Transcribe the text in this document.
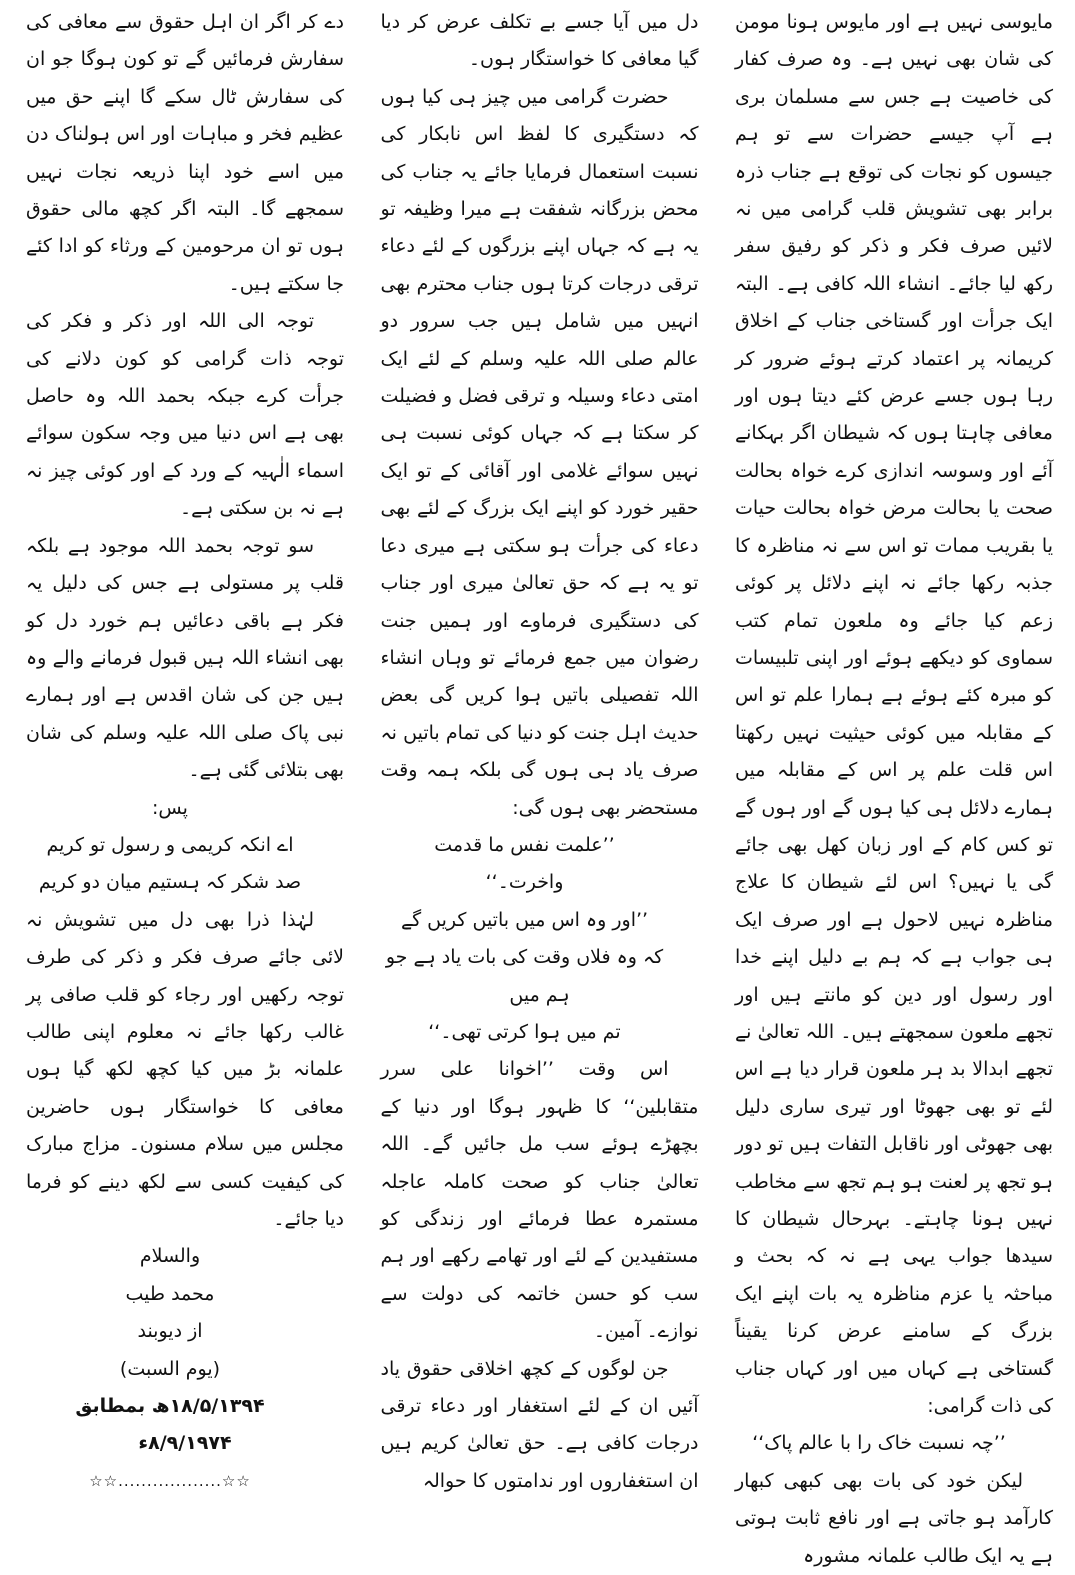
مایوسی نہیں ہے اور مایوس ہونا مومن کی شان بھی نہیں ہے۔ وہ صرف کفار کی خاصیت ہے جس سے مسلمان بری ہے آپ جیسے حضرات سے تو ہم جیسوں کو نجات کی توقع ہے جناب ذرہ برابر بھی تشویش قلب گرامی میں نہ لائیں صرف فکر و ذکر کو رفیق سفر رکھ لیا جائے۔ انشاء اللہ کافی ہے۔ البتہ ایک جرأت اور گستاخی جناب کے اخلاق کریمانہ پر اعتماد کرتے ہوئے ضرور کر رہا ہوں جسے عرض کئے دیتا ہوں اور معافی چاہتا ہوں کہ شیطان اگر بہکانے آئے اور وسوسہ اندازی کرے خواہ بحالت صحت یا بحالت مرض خواہ بحالت حیات یا بقریب ممات تو اس سے نہ مناظرہ کا جذبہ رکھا جائے نہ اپنے دلائل پر کوئی زعم کیا جائے وہ ملعون تمام کتب سماوی کو دیکھے ہوئے اور اپنی تلبیسات کو مبرہ کئے ہوئے ہے ہمارا علم تو اس کے مقابلہ میں کوئی حیثیت نہیں رکھتا اس قلت علم پر اس کے مقابلہ میں ہمارے دلائل ہی کیا ہوں گے اور ہوں گے تو کس کام کے اور زبان کھل بھی جائے گی یا نہیں؟ اس لئے شیطان کا علاج مناظرہ نہیں لاحول ہے اور صرف ایک ہی جواب ہے کہ ہم بے دلیل اپنے خدا اور رسول اور دین کو مانتے ہیں اور تجھے ملعون سمجھتے ہیں۔ اللہ تعالیٰ نے تجھے ابدالا بد ہر ملعون قرار دیا ہے اس لئے تو بھی جھوٹا اور تیری ساری دلیل بھی جھوٹی اور ناقابل التفات ہیں تو دور ہو تجھ پر لعنت ہو ہم تجھ سے مخاطب نہیں ہونا چاہتے۔ بہرحال شیطان کا سیدھا جواب یہی ہے نہ کہ بحث و مباحثہ یا عزم مناظرہ یہ بات اپنے ایک بزرگ کے سامنے عرض کرنا یقیناً گستاخی ہے کہاں میں اور کہاں جناب کی ذات گرامی:

’’چہ نسبت خاک را با عالم پاک‘‘

لیکن خود کی بات بھی کبھی کبھار کارآمد ہو جاتی ہے اور نافع ثابت ہوتی ہے یہ ایک طالب علمانہ مشورہ

دل میں آیا جسے بے تکلف عرض کر دیا گیا معافی کا خواستگار ہوں۔

حضرت گرامی میں چیز ہی کیا ہوں کہ دستگیری کا لفظ اس نابکار کی نسبت استعمال فرمایا جائے یہ جناب کی محض بزرگانہ شفقت ہے میرا وظیفہ تو یہ ہے کہ جہاں اپنے بزرگوں کے لئے دعاء ترقی درجات کرتا ہوں جناب محترم بھی انہیں میں شامل ہیں جب سرور دو عالم صلی اللہ علیہ وسلم کے لئے ایک امتی دعاء وسیلہ و ترقی فضل و فضیلت کر سکتا ہے کہ جہاں کوئی نسبت ہی نہیں سوائے غلامی اور آقائی کے تو ایک حقیر خورد کو اپنے ایک بزرگ کے لئے بھی دعاء کی جرأت ہو سکتی ہے میری دعا تو یہ ہے کہ حق تعالیٰ میری اور جناب کی دستگیری فرماوے اور ہمیں جنت رضوان میں جمع فرمائے تو وہاں انشاء اللہ تفصیلی باتیں ہوا کریں گی بعض حدیث اہل جنت کو دنیا کی تمام باتیں نہ صرف یاد ہی ہوں گی بلکہ ہمہ وقت مستحضر بھی ہوں گی:

’’علمت نفس ما قدمت

واخرت۔‘‘

’’اور وہ اس میں باتیں کریں گے

کہ وہ فلاں وقت کی بات یاد ہے جو ہم میں

تم میں ہوا کرتی تھی۔‘‘

اس وقت ’’اخوانا علی سرر متقابلین‘‘ کا ظہور ہوگا اور دنیا کے بچھڑے ہوئے سب مل جائیں گے۔ اللہ تعالیٰ جناب کو صحت کاملہ عاجلہ مستمرہ عطا فرمائے اور زندگی کو مستفیدین کے لئے اور تھامے رکھے اور ہم سب کو حسن خاتمہ کی دولت سے نوازے۔ آمین۔

جن لوگوں کے کچھ اخلاقی حقوق یاد آئیں ان کے لئے استغفار اور دعاء ترقی درجات کافی ہے۔ حق تعالیٰ کریم ہیں ان استغفاروں اور ندامتوں کا حوالہ

دے کر اگر ان اہل حقوق سے معافی کی سفارش فرمائیں گے تو کون ہوگا جو ان کی سفارش ٹال سکے گا اپنے حق میں عظیم فخر و مباہات اور اس ہولناک دن میں اسے خود اپنا ذریعہ نجات نہیں سمجھے گا۔ البتہ اگر کچھ مالی حقوق ہوں تو ان مرحومین کے ورثاء کو ادا کئے جا سکتے ہیں۔

توجہ الی اللہ اور ذکر و فکر کی توجہ ذات گرامی کو کون دلانے کی جرأت کرے جبکہ بحمد اللہ وہ حاصل بھی ہے اس دنیا میں وجہ سکون سوائے اسماء الٰہیہ کے ورد کے اور کوئی چیز نہ ہے نہ بن سکتی ہے۔

سو توجہ بحمد اللہ موجود ہے بلکہ قلب پر مستولی ہے جس کی دلیل یہ فکر ہے باقی دعائیں ہم خورد دل کو بھی انشاء اللہ ہیں قبول فرمانے والے وہ ہیں جن کی شان اقدس ہے اور ہمارے نبی پاک صلی اللہ علیہ وسلم کی شان بھی بتلائی گئی ہے۔

پس:

اے انکہ کریمی و رسول تو کریم

صد شکر کہ ہستیم میان دو کریم

لہٰذا ذرا بھی دل میں تشویش نہ لائی جائے صرف فکر و ذکر کی طرف توجہ رکھیں اور رجاء کو قلب صافی پر غالب رکھا جائے نہ معلوم اپنی طالب علمانہ بڑ میں کیا کچھ لکھ گیا ہوں معافی کا خواستگار ہوں حاضرین مجلس میں سلام مسنون۔ مزاج مبارک کی کیفیت کسی سے لکھ دینے کو فرما دیا جائے۔

والسلام

محمد طیب

از دیوبند

(یوم السبت)

۱۸/۵/۱۳۹۴ھ بمطابق ۸/۹/۱۹۷۴ء

☆☆..................☆☆
